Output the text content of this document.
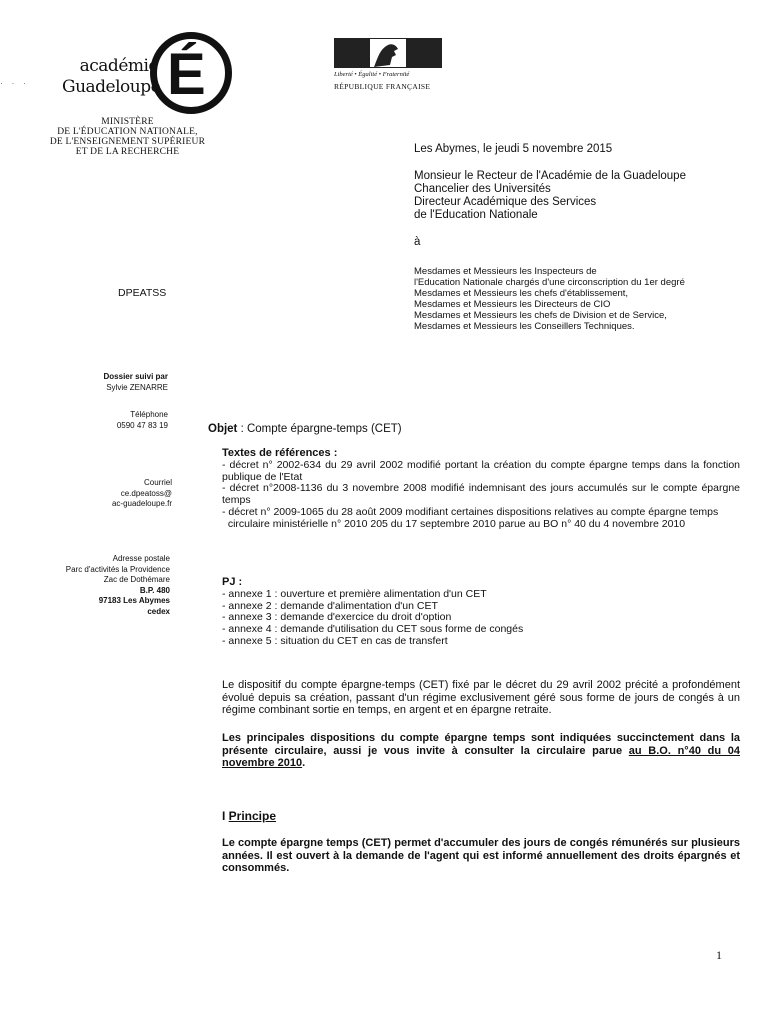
· · ·
académie
Guadeloupe É
MINISTÈRE
DE L'ÉDUCATION NATIONALE,
DE L'ENSEIGNEMENT SUPÉRIEUR
ET DE LA RECHERCHE
Liberté • Égalité • Fraternité
RÉPUBLIQUE FRANÇAISE
Les Abymes, le jeudi 5 novembre 2015
Monsieur le Recteur de l'Académie de la Guadeloupe
Chancelier des Universités
Directeur Académique des Services
de l'Education Nationale
à
Mesdames et Messieurs les Inspecteurs de
l'Education Nationale chargés d'une circonscription du 1er degré
Mesdames et Messieurs les chefs d'établissement,
Mesdames et Messieurs les Directeurs de CIO
Mesdames et Messieurs les chefs de Division et de Service,
Mesdames et Messieurs les Conseillers Techniques.
DPEATSS
Dossier suivi par
Sylvie ZENARRE
Téléphone
0590 47 83 19
Courriel
ce.dpeatoss@
ac-guadeloupe.fr
Adresse postale
Parc d'activités la Providence
Zac de Dothémare
B.P. 480
97183 Les Abymes
cedex
Objet : Compte épargne-temps (CET)
Textes de références :
- décret n° 2002-634 du 29 avril 2002 modifié portant la création du compte épargne temps dans la fonction publique de l'Etat
- décret n°2008-1136 du 3 novembre 2008 modifié indemnisant des jours accumulés sur le compte épargne temps
- décret n° 2009-1065 du 28 août 2009 modifiant certaines dispositions relatives au compte épargne temps
circulaire ministérielle n° 2010 205 du 17 septembre 2010 parue au BO n° 40 du 4 novembre 2010
PJ :
- annexe 1 : ouverture et première alimentation d'un CET
- annexe 2 : demande d'alimentation d'un CET
- annexe 3 : demande d'exercice du droit d'option
- annexe 4 : demande d'utilisation du CET sous forme de congés
- annexe 5 : situation du CET en cas de transfert
Le dispositif du compte épargne-temps (CET) fixé par le décret du 29 avril 2002 précité a profondément évolué depuis sa création, passant d'un régime exclusivement géré sous forme de jours de congés à un régime combinant sortie en temps, en argent et en épargne retraite.
Les principales dispositions du compte épargne temps sont indiquées succinctement dans la présente circulaire, aussi je vous invite à consulter la circulaire parue au B.O. n°40 du 04 novembre 2010.
I Principe
Le compte épargne temps (CET) permet d'accumuler des jours de congés rémunérés sur plusieurs années. Il est ouvert à la demande de l'agent qui est informé annuellement des droits épargnés et consommés.
1
